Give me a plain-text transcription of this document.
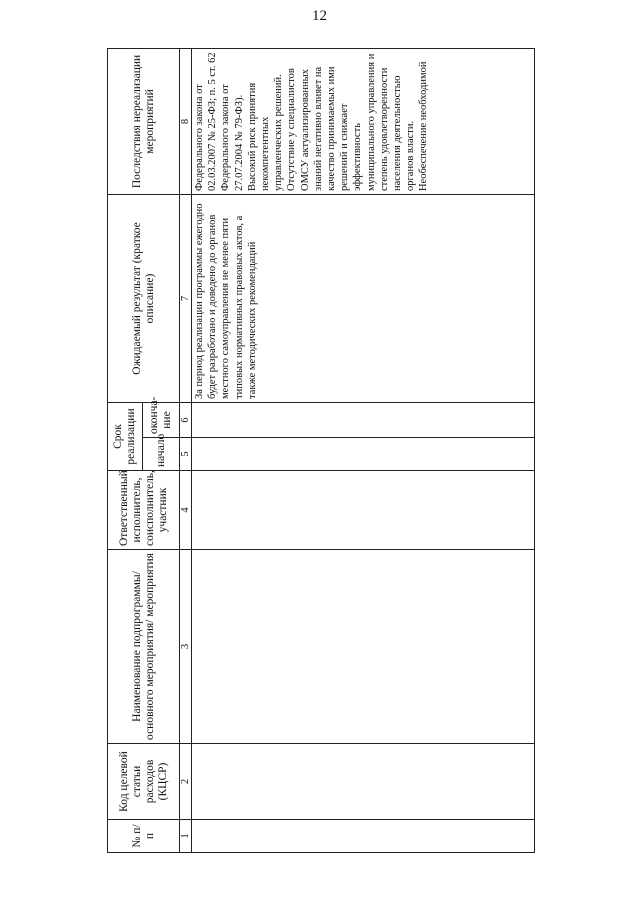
12
№ п/п	Код целевой статьи расходов (КЦСР)	Наименование подпрограммы/ основного мероприятия/ мероприятия	Ответственный исполнитель, соисполнитель, участник	Срок реализации		Ожидаемый результат (краткое описание)	Последствия нереализации мероприятий
				начало	оконча-ние		
1	2	3	4	5	6	7	8
						За период реализации программы ежегодно будет разработано и доведено до органов местного самоуправления не менее пяти типовых нормативных правовых актов, а также методических рекомендаций	Федерального закона от 02.03.2007 № 25-ФЗ; п. 5 ст. 62 Федерального закона от 27.07.2004 № 79-ФЗ). Высокий риск принятия некомпетентных управленческих решений. Отсутствие у специалистов ОМСУ актуализированных знаний негативно влияет на качество принимаемых ими решений и снижает эффективность муниципального управления и степень удовлетворенности населения деятельностью органов власти. Необеспечение необходимой
